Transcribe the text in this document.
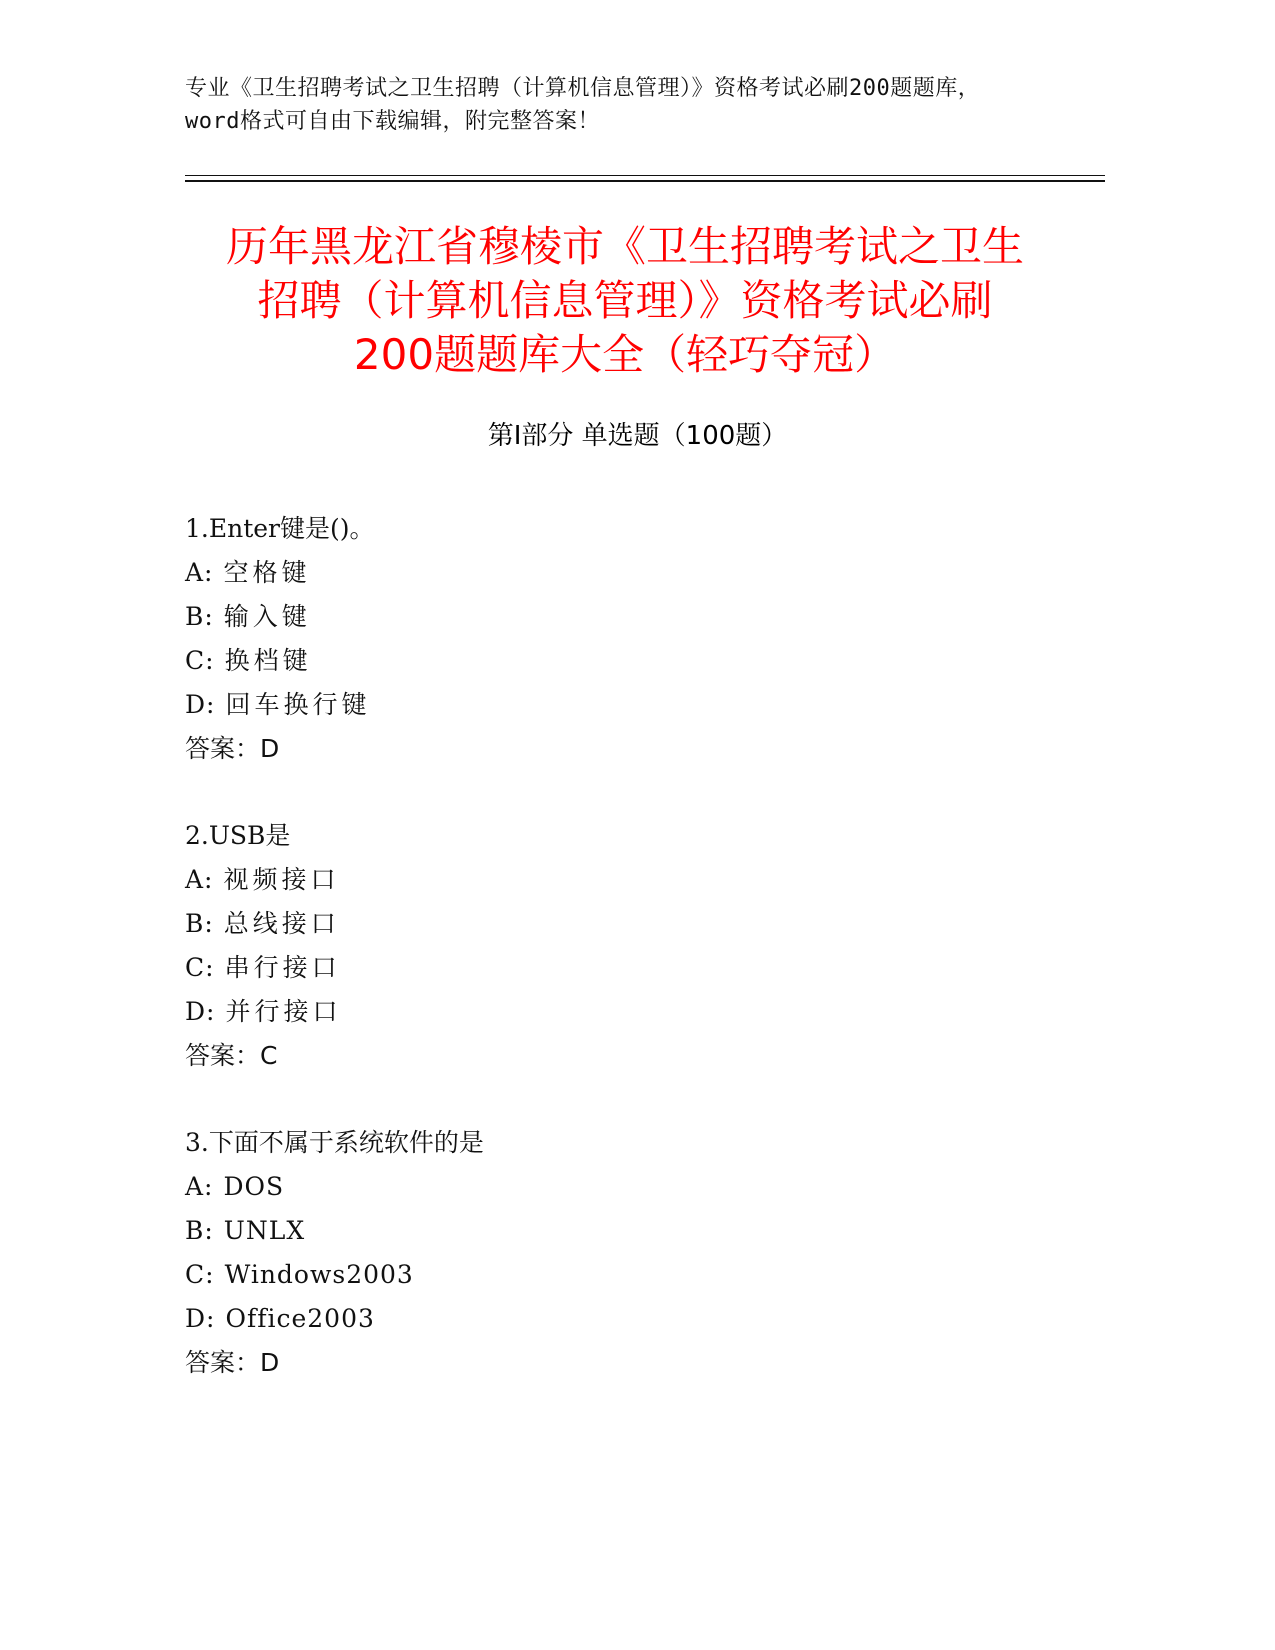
专业《卫生招聘考试之卫生招聘（计算机信息管理）》资格考试必刷200题题库，
word格式可自由下载编辑，附完整答案！
历年黑龙江省穆棱市《卫生招聘考试之卫生
招聘（计算机信息管理）》资格考试必刷
200题题库大全（轻巧夺冠）
第I部分 单选题（100题）
1.Enter键是()。
A: 空格键
B: 输入键
C: 换档键
D: 回车换行键
答案：D
2.USB是
A: 视频接口
B: 总线接口
C: 串行接口
D: 并行接口
答案：C
3.下面不属于系统软件的是
A: DOS
B: UNLX
C: Windows2003
D: Office2003
答案：D
